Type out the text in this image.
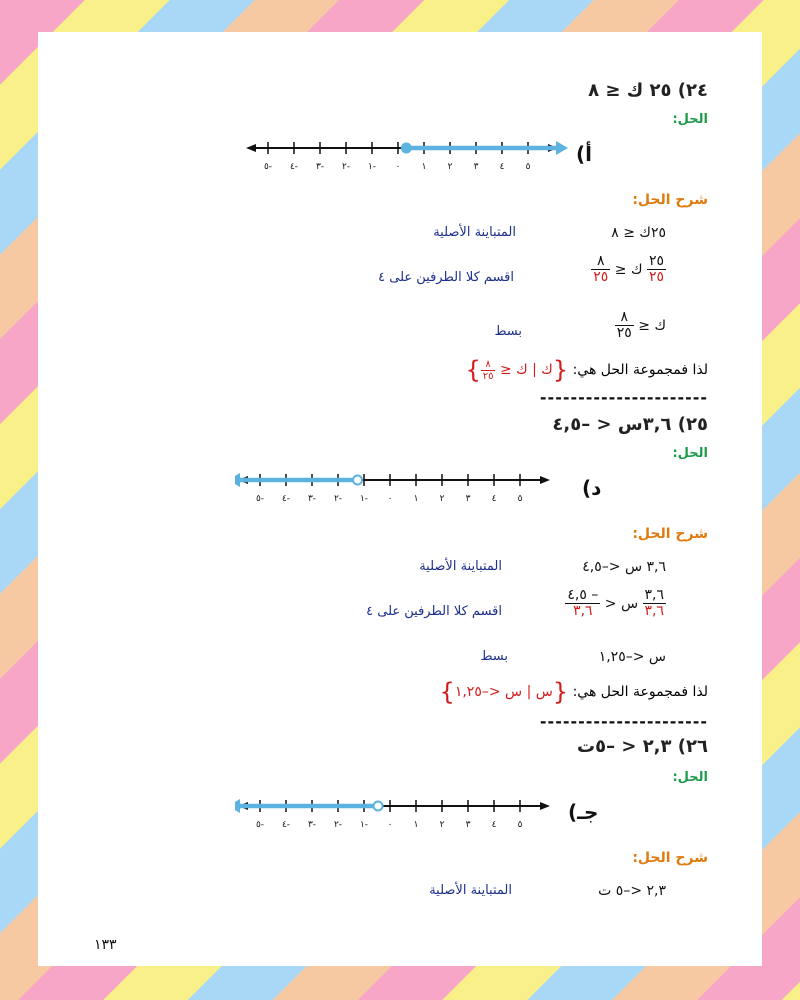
٢٤) ٢٥ ك ≤ ٨
الحل:
٥- ٤- ٣- ٢- ١- ٠ ١ ٢ ٣ ٤ ٥
أ)
شرح الحل:
٢٥ك ≤ ٨
المتباينة الأصلية
$\frac{٢٥}{٢٥}$
ك ≤
$\frac{٨}{٢٥}$
اقسم كلا الطرفين على ٤
ك ≤
$\frac{٨}{٢٥}$
بسط
لذا فمجموعة الحل هي: {ك | ك ≤
$\frac{٨}{٢٥}$
}
----------------------
٢٥) ٣,٦س < –٤,٥
الحل:
٥- ٤- ٣- ٢- ١- ٠ ١ ٢ ٣ ٤ ٥	د)
شرح الحل:
٣,٦ س <–٤,٥
المتباينة الأصلية
$\frac{٣,٦}{٣,٦}$
س <
$\frac{- ٤,٥}{٣,٦}$
اقسم كلا الطرفين على ٤
س <–١,٢٥
بسط
لذا فمجموعة الحل هي: {س | س <–١,٢٥}
----------------------
٢٦) ٢,٣ < –٥ت
الحل:
٥- ٤- ٣- ٢- ١- ٠ ١ ٢ ٣ ٤ ٥
جـ)
شرح الحل:
٢,٣ <–٥ ت
المتباينة الأصلية
١٣٣
